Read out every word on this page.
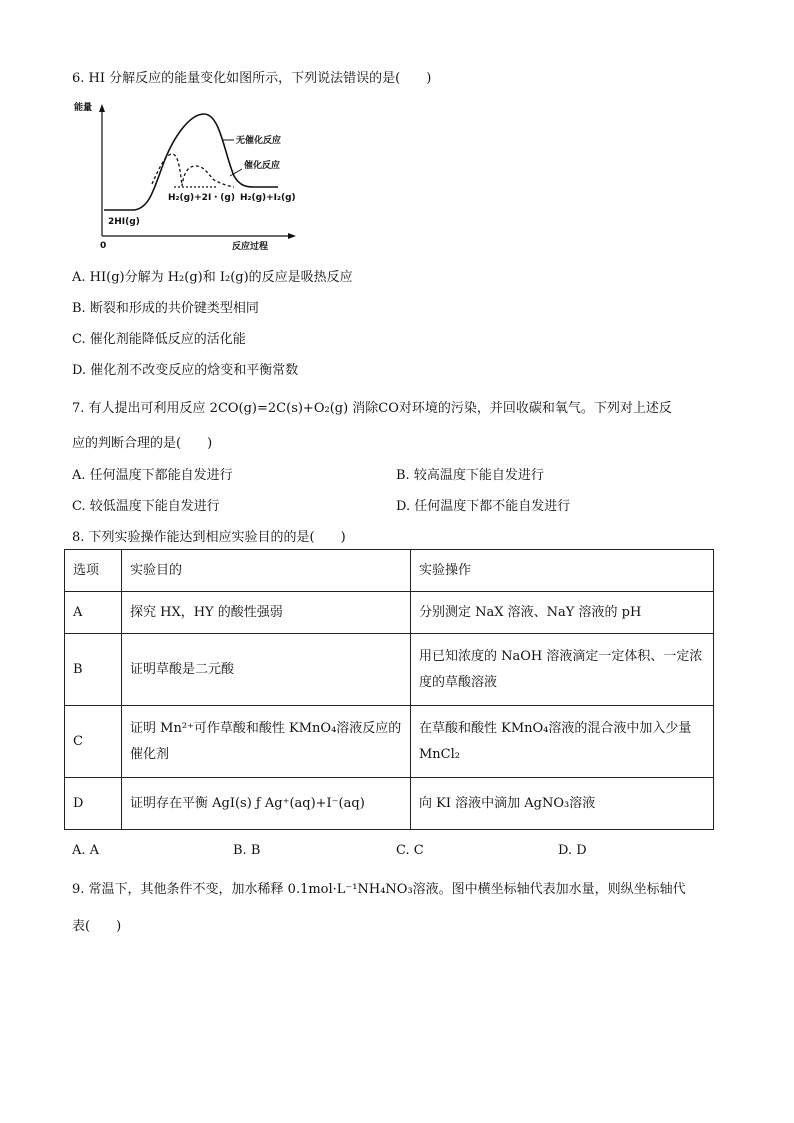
6. HI 分解反应的能量变化如图所示，下列说法错误的是(　　)
能量
0	反应过程
无催化反应
催化反应
2HI(g)
H₂(g)+2I・(g) H₂(g)+I₂(g)
A. HI(g)分解为 H₂(g)和 I₂(g)的反应是吸热反应
B. 断裂和形成的共价键类型相同
C. 催化剂能降低反应的活化能
D. 催化剂不改变反应的焓变和平衡常数
7. 有人提出可利用反应 2CO(g)=2C(s)+O₂(g) 消除CO对环境的污染，并回收碳和氧气。下列对上述反
应的判断合理的是(　　)
A. 任何温度下都能自发进行	B. 较高温度下能自发进行
C. 较低温度下能自发进行	D. 任何温度下都不能自发进行
8. 下列实验操作能达到相应实验目的的是(　　)
选项	实验目的	实验操作
A	探究 HX，HY 的酸性强弱	分别测定 NaX 溶液、NaY 溶液的 pH
B	证明草酸是二元酸	用已知浓度的 NaOH 溶液滴定一定体积、一定浓度的草酸溶液
C	证明 Mn²⁺可作草酸和酸性 KMnO₄溶液反应的催化剂	在草酸和酸性 KMnO₄溶液的混合液中加入少量 MnCl₂
D	证明存在平衡 AgI(s) ƒ Ag⁺(aq)+I⁻(aq)	向 KI 溶液中滴加 AgNO₃溶液
A. A	B. B	C. C	D. D
9. 常温下，其他条件不变，加水稀释 0.1mol·L⁻¹NH₄NO₃溶液。图中横坐标轴代表加水量，则纵坐标轴代
表(　　)
